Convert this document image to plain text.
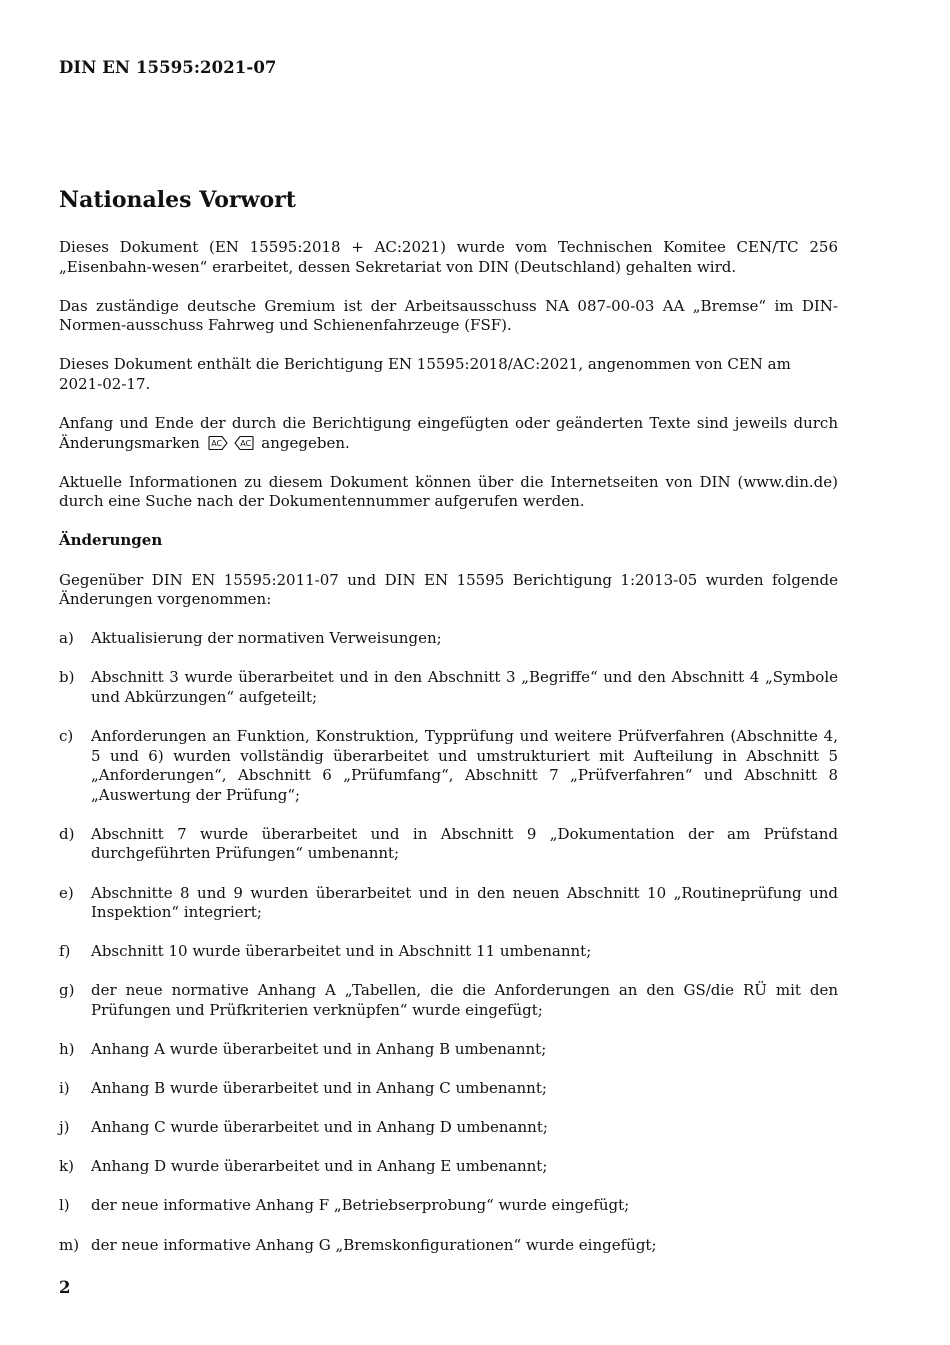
DIN EN 15595:2021-07
Nationales Vorwort

Dieses Dokument (EN 15595:2018 + AC:2021) wurde vom Technischen Komitee CEN/TC 256 „Eisenbahn-wesen“ erarbeitet, dessen Sekretariat von DIN (Deutschland) gehalten wird.

Das zuständige deutsche Gremium ist der Arbeitsausschuss NA 087-00-03 AA „Bremse“ im DIN-Normen-ausschuss Fahrweg und Schienenfahrzeuge (FSF).

Dieses Dokument enthält die Berichtigung EN 15595:2018/AC:2021, angenommen von CEN am 2021-02-17.

Anfang und Ende der durch die Berichtigung eingefügten oder geänderten Texte sind jeweils durch Änderungsmarken AC AC angegeben.

Aktuelle Informationen zu diesem Dokument können über die Internetseiten von DIN (www.din.de) durch eine Suche nach der Dokumentennummer aufgerufen werden.

Änderungen

Gegenüber DIN EN 15595:2011-07 und DIN EN 15595 Berichtigung 1:2013-05 wurden folgende Änderungen vorgenommen:

a) Aktualisierung der normativen Verweisungen;
b) Abschnitt 3 wurde überarbeitet und in den Abschnitt 3 „Begriffe“ und den Abschnitt 4 „Symbole und Abkürzungen“ aufgeteilt;
c) Anforderungen an Funktion, Konstruktion, Typprüfung und weitere Prüfverfahren (Abschnitte 4, 5 und 6) wurden vollständig überarbeitet und umstrukturiert mit Aufteilung in Abschnitt 5 „Anforderungen“, Abschnitt 6 „Prüfumfang“, Abschnitt 7 „Prüfverfahren“ und Abschnitt 8 „Auswertung der Prüfung“;
d) Abschnitt 7 wurde überarbeitet und in Abschnitt 9 „Dokumentation der am Prüfstand durchgeführten Prüfungen“ umbenannt;
e) Abschnitte 8 und 9 wurden überarbeitet und in den neuen Abschnitt 10 „Routineprüfung und Inspektion“ integriert;
f) Abschnitt 10 wurde überarbeitet und in Abschnitt 11 umbenannt;
g) der neue normative Anhang A „Tabellen, die die Anforderungen an den GS/die RÜ mit den Prüfungen und Prüfkriterien verknüpfen“ wurde eingefügt;
h) Anhang A wurde überarbeitet und in Anhang B umbenannt;
i) Anhang B wurde überarbeitet und in Anhang C umbenannt;
j) Anhang C wurde überarbeitet und in Anhang D umbenannt;
k) Anhang D wurde überarbeitet und in Anhang E umbenannt;
l) der neue informative Anhang F „Betriebserprobung“ wurde eingefügt;
m) der neue informative Anhang G „Bremskonfigurationen“ wurde eingefügt;
2
